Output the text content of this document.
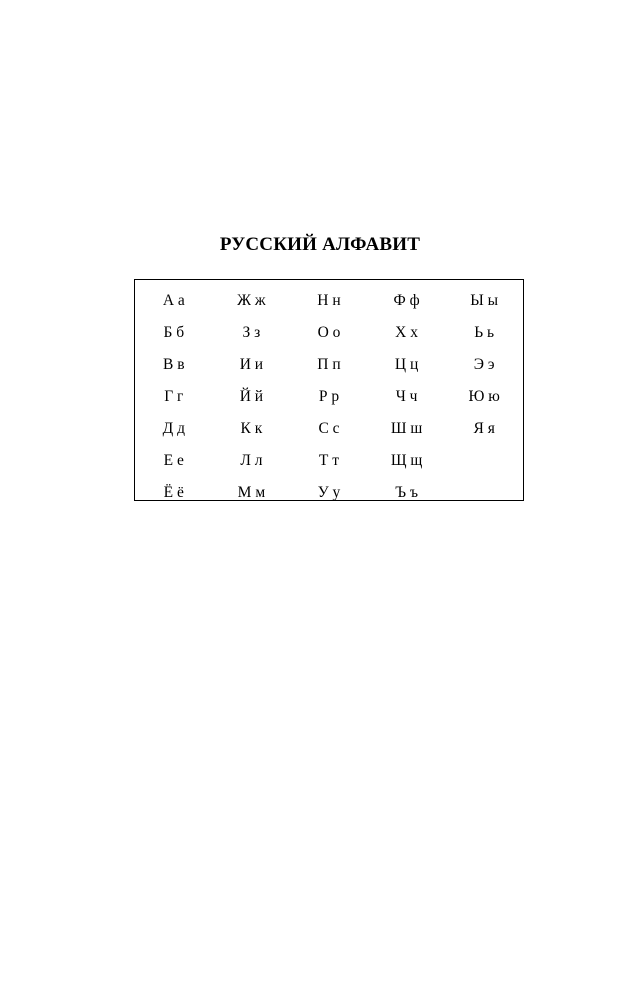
РУССКИЙ АЛФАВИТ
А а	Ж ж	Н н	Ф ф	Ы ы
Б б	З з	О о	Х х	Ь ь
В в	И и	П п	Ц ц	Э э
Г г	Й й	Р р	Ч ч	Ю ю
Д д	К к	С с	Ш ш	Я я
Е е	Л л	Т т	Щ щ
Ё ё	М м	У у	Ъ ъ
